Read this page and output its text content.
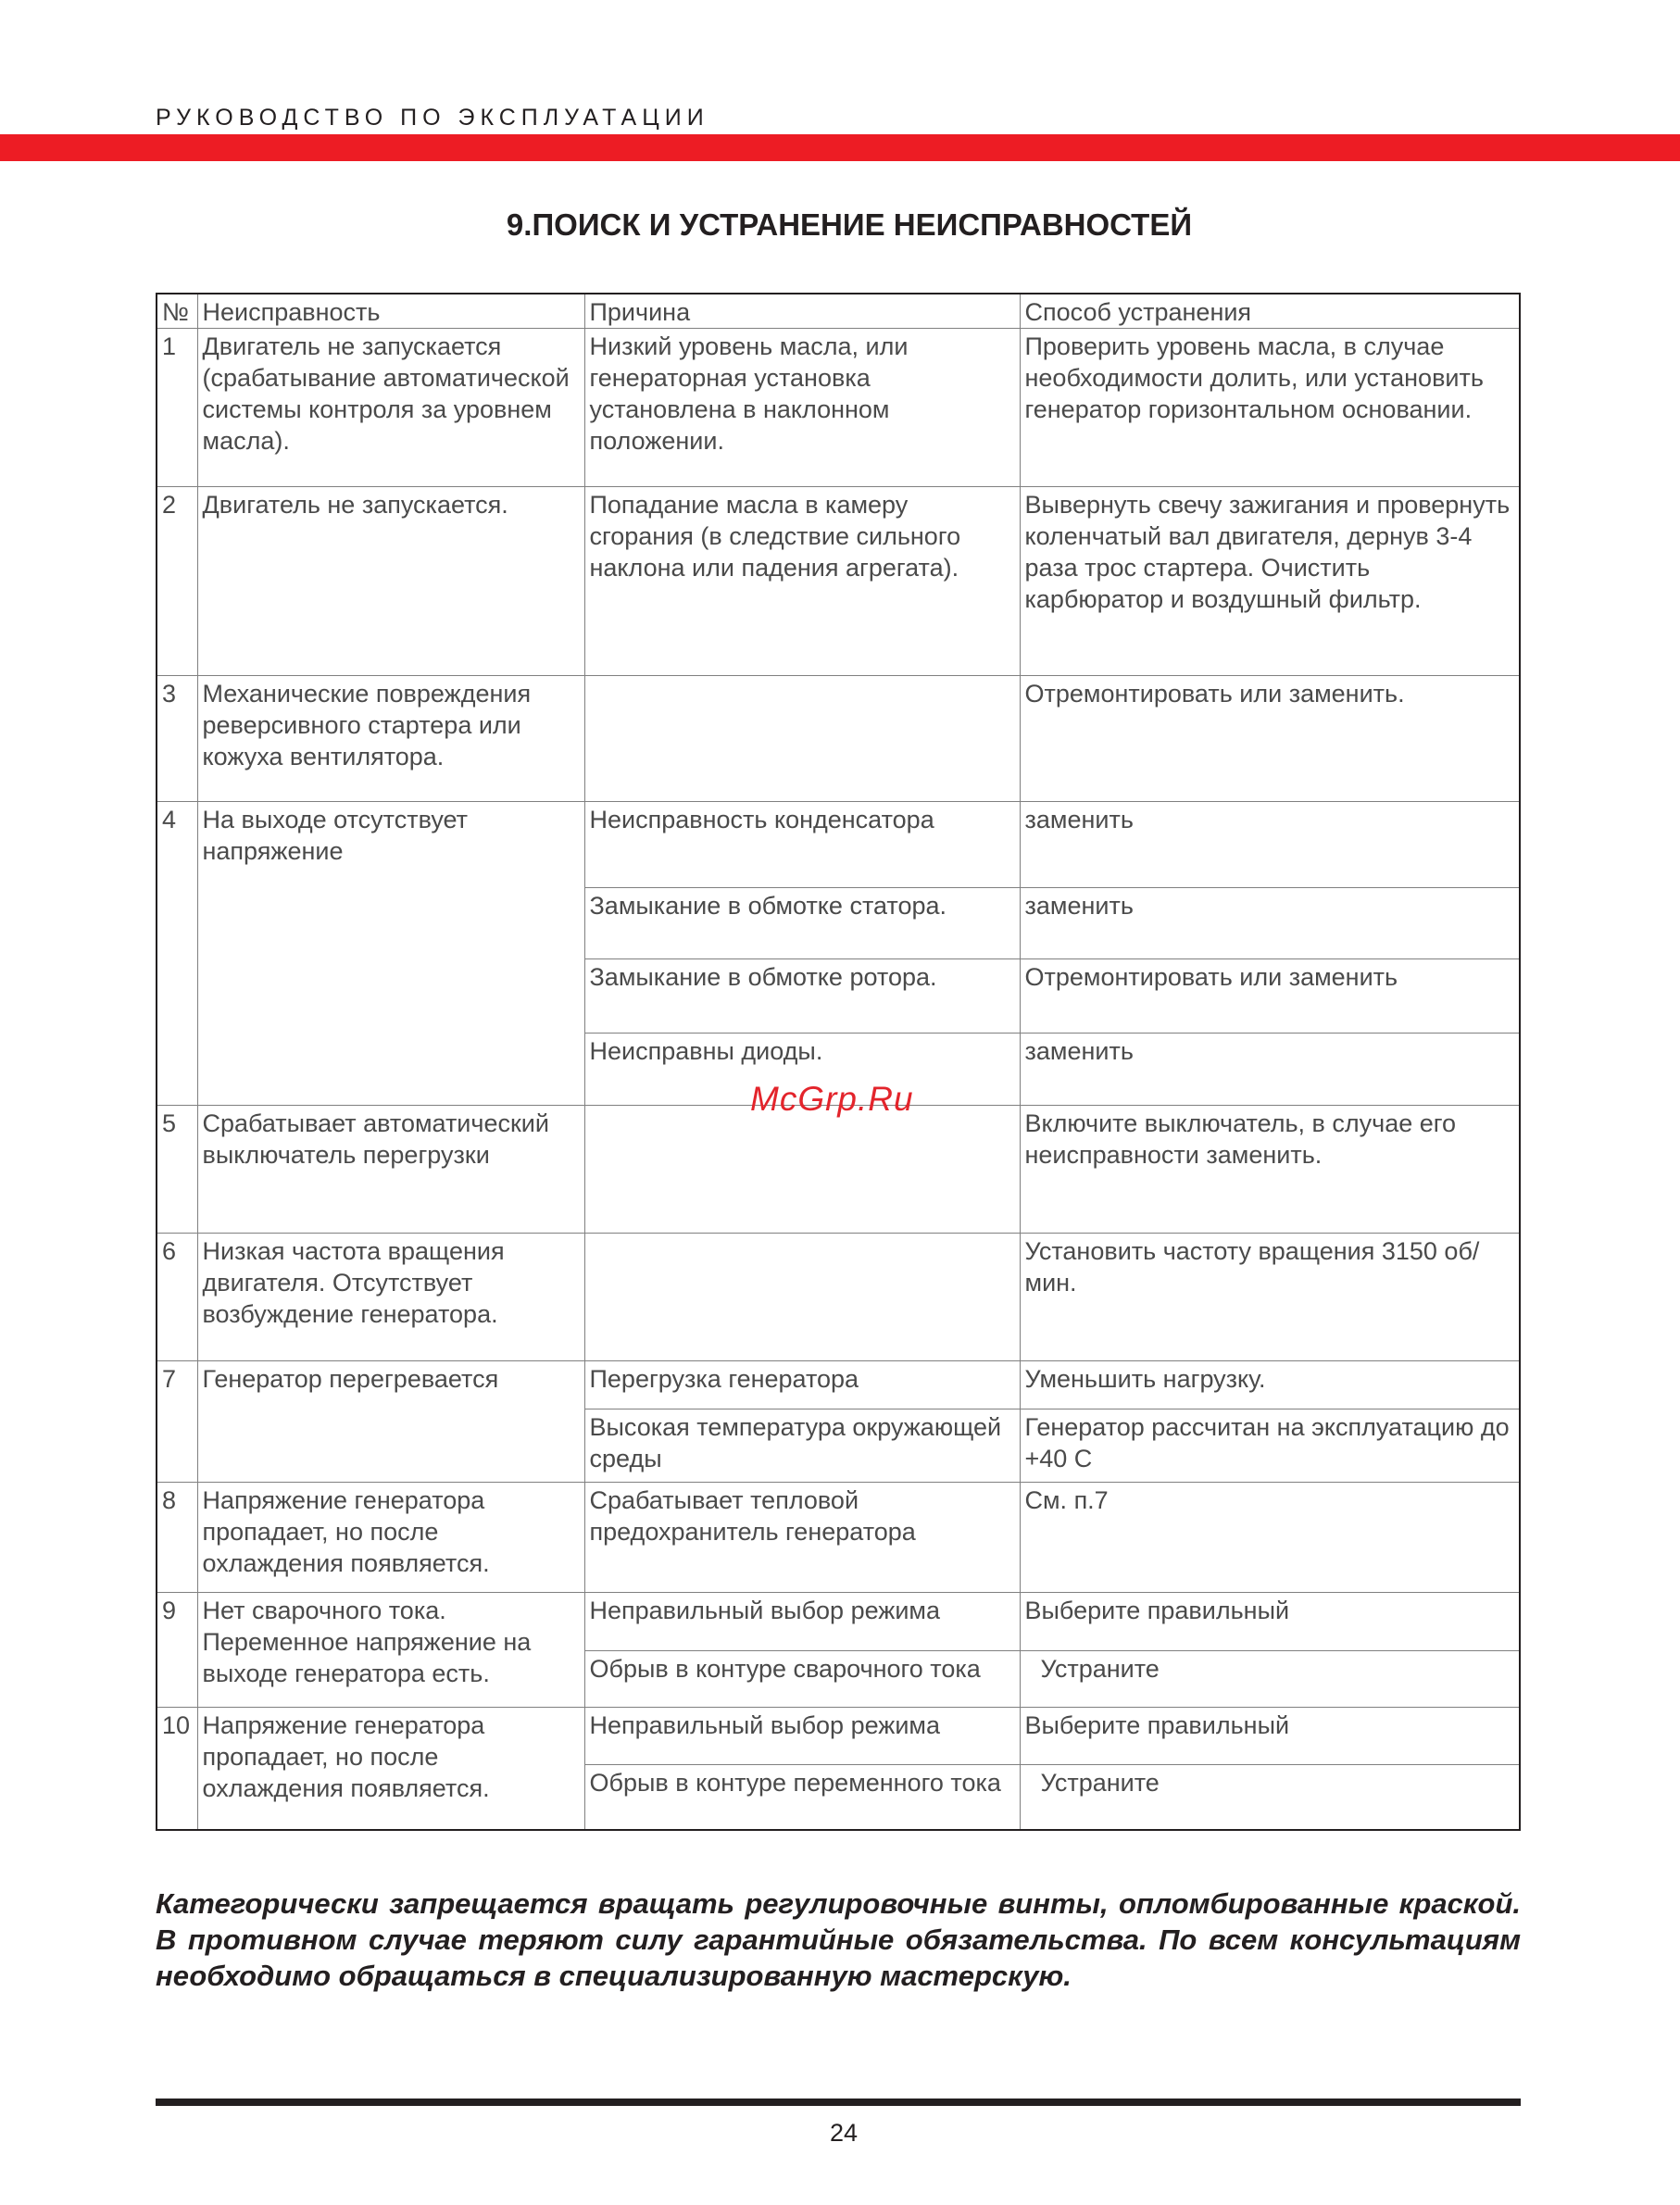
РУКОВОДСТВО ПО ЭКСПЛУАТАЦИИ
9.ПОИСК И УСТРАНЕНИЕ НЕИСПРАВНОСТЕЙ
№	Неисправность	Причина	Способ устранения
1	Двигатель не запускается (срабатывание автоматической системы контроля за уровнем масла).	Низкий уровень масла, или генераторная установка установлена в наклонном положении.	Проверить уровень масла, в случае необходимости долить, или установить генератор горизонтальном основании.
2	Двигатель не запускается.	Попадание масла в камеру сгорания (в следствие сильного наклона или падения агрегата).	Вывернуть свечу зажигания и провернуть коленчатый вал двигателя, дернув 3-4 раза трос стартера. Очистить карбюратор и воздушный фильтр.
3	Механические повреждения реверсивного стартера или кожуха вентилятора.		Отремонтировать или заменить.
4	На выходе отсутствует напряжение	Неисправность конденсатора	заменить
		Замыкание в обмотке статора.	заменить
		Замыкание в обмотке ротора.	Отремонтировать или заменить
		Неисправны диоды.	заменить
5	Срабатывает автоматический выключатель перегрузки		Включите выключатель, в случае его неисправности заменить.
6	Низкая частота вращения двигателя. Отсутствует возбуждение генератора.		Установить частоту вращения 3150 об/мин.
7	Генератор перегревается	Перегрузка генератора	Уменьшить нагрузку.
		Высокая температура окружающей среды	Генератор рассчитан на эксплуатацию до +40 С
8	Напряжение генератора пропадает, но после охлаждения появляется.	Срабатывает тепловой предохранитель генератора	См. п.7
9	Нет сварочного тока. Переменное напряжение на выходе генератора есть.	Неправильный выбор режима	Выберите правильный
		Обрыв в контуре сварочного тока	Устраните
10	Напряжение генератора пропадает, но после охлаждения появляется.	Неправильный выбор режима	Выберите правильный
		Обрыв в контуре переменного тока	Устраните
McGrp.Ru
Категорически запрещается вращать регулировочные винты, опломбированные краской. В противном случае теряют силу гарантийные обязательства. По всем консультациям необходимо обращаться в специализированную мастерскую.
24
